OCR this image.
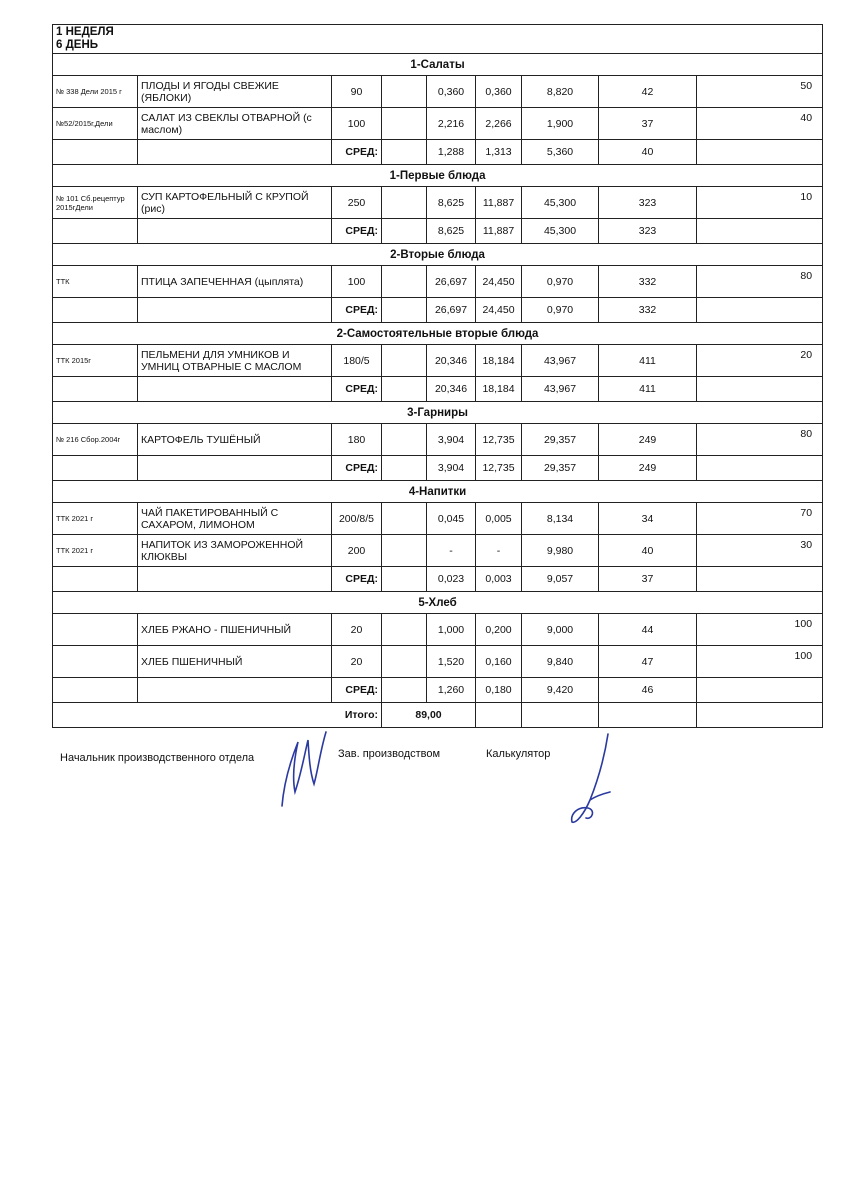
1 НЕДЕЛЯ
6 ДЕНЬ								

1-Салаты								
№ 338 Дели 2015 г	ПЛОДЫ И ЯГОДЫ СВЕЖИЕ (ЯБЛОКИ)	90		0,360	0,360	8,820	42	50
№52/2015г,Дели	САЛАТ ИЗ СВЕКЛЫ ОТВАРНОЙ (с маслом)	100		2,216	2,266	1,900	37	40
		СРЕД:		1,288	1,313	5,360	40	
1-Первые блюда								
№ 101 Сб.рецептур 2015гДели	СУП КАРТОФЕЛЬНЫЙ С КРУПОЙ (рис)	250		8,625	11,887	45,300	323	10
		СРЕД:		8,625	11,887	45,300	323	
2-Вторые блюда								
ТТК	ПТИЦА ЗАПЕЧЕННАЯ (цыплята)	100		26,697	24,450	0,970	332	80
		СРЕД:		26,697	24,450	0,970	332	
2-Самостоятельные вторые блюда								
ТТК 2015г	ПЕЛЬМЕНИ ДЛЯ УМНИКОВ И УМНИЦ ОТВАРНЫЕ С МАСЛОМ	180/5		20,346	18,184	43,967	411	20
		СРЕД:		20,346	18,184	43,967	411	
3-Гарниры								
№ 216 Сбор.2004г	КАРТОФЕЛЬ ТУШЁНЫЙ	180		3,904	12,735	29,357	249	80
		СРЕД:		3,904	12,735	29,357	249	
4-Напитки								
ТТК 2021 г	ЧАЙ ПАКЕТИРОВАННЫЙ С САХАРОМ, ЛИМОНОМ	200/8/5		0,045	0,005	8,134	34	70
ТТК 2021 г	НАПИТОК ИЗ ЗАМОРОЖЕННОЙ КЛЮКВЫ	200		-	-	9,980	40	30
		СРЕД:		0,023	0,003	9,057	37	
5-Хлеб								
	ХЛЕБ РЖАНО - ПШЕНИЧНЫЙ	20		1,000	0,200	9,000	44	100
	ХЛЕБ ПШЕНИЧНЫЙ	20		1,520	0,160	9,840	47	100
		СРЕД:		1,260	0,180	9,420	46	
Итого:			89,00					
Начальник производственного отдела	Зав. производством	Калькулятор
